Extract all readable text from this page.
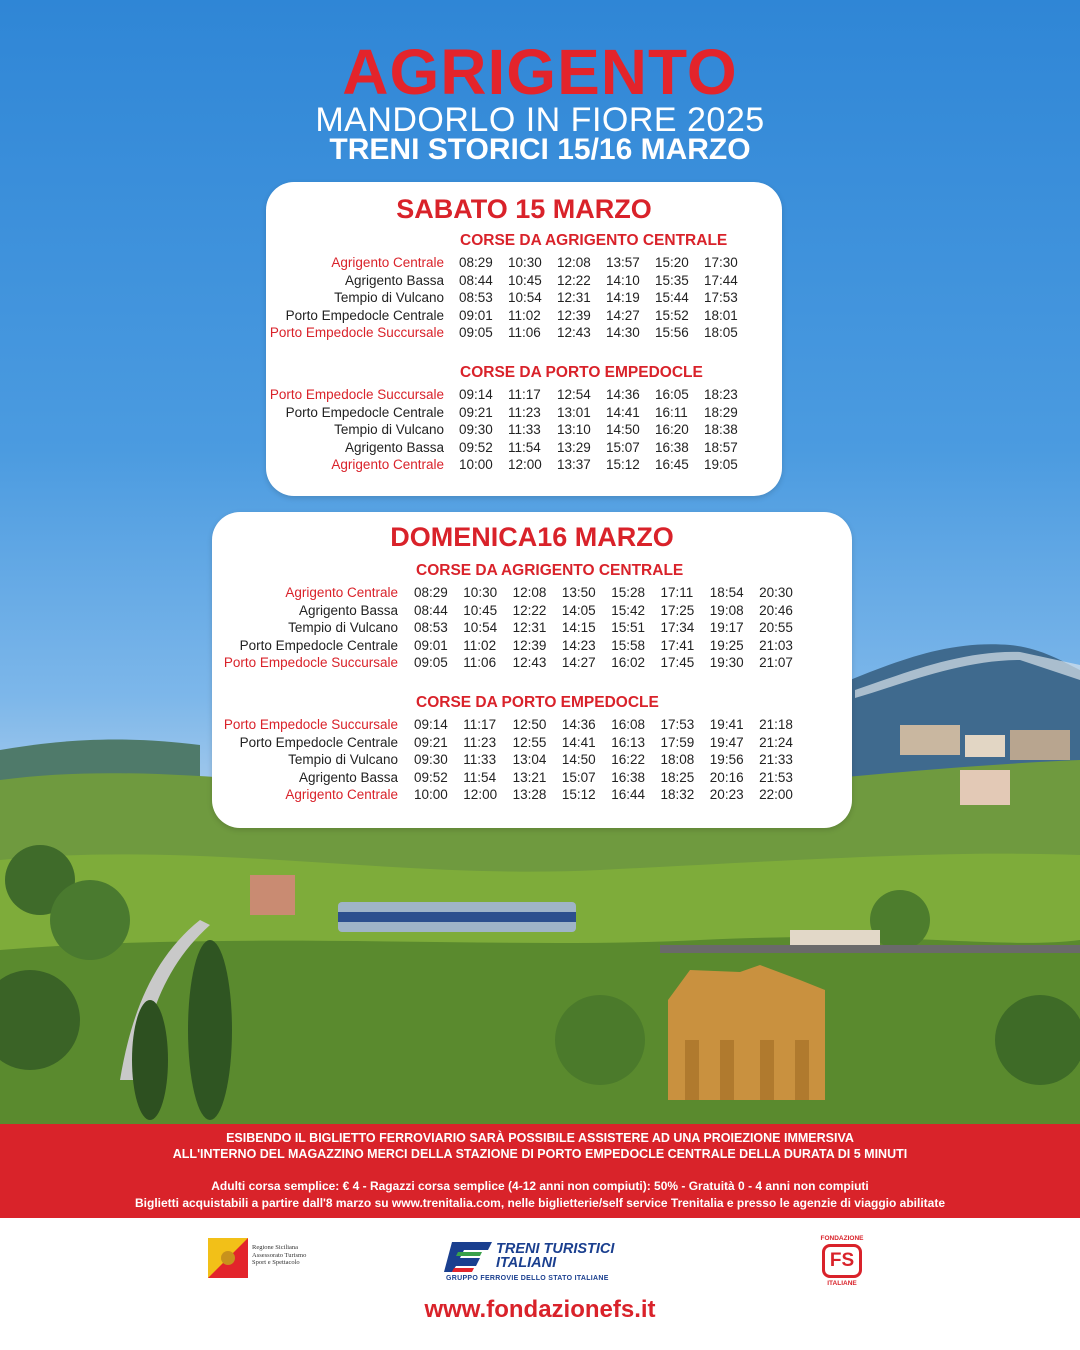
AGRIGENTO
MANDORLO IN FIORE 2025
TRENI STORICI 15/16 MARZO
SABATO 15 MARZO
CORSE DA AGRIGENTO CENTRALE
Agrigento Centrale 08:29 10:30 12:08 13:57 15:20 17:30
Agrigento Bassa 08:44 10:45 12:22 14:10 15:35 17:44
Tempio di Vulcano 08:53 10:54 12:31 14:19 15:44 17:53
Porto Empedocle Centrale 09:01 11:02 12:39 14:27 15:52 18:01
Porto Empedocle Succursale 09:05 11:06 12:43 14:30 15:56 18:05
CORSE DA PORTO EMPEDOCLE
Porto Empedocle Succursale 09:14 11:17 12:54 14:36 16:05 18:23
Porto Empedocle Centrale 09:21 11:23 13:01 14:41 16:11 18:29
Tempio di Vulcano 09:30 11:33 13:10 14:50 16:20 18:38
Agrigento Bassa 09:52 11:54 13:29 15:07 16:38 18:57
Agrigento Centrale 10:00 12:00 13:37 15:12 16:45 19:05
DOMENICA16 MARZO
CORSE DA AGRIGENTO CENTRALE
Agrigento Centrale 08:29 10:30 12:08 13:50 15:28 17:11 18:54 20:30
Agrigento Bassa 08:44 10:45 12:22 14:05 15:42 17:25 19:08 20:46
Tempio di Vulcano 08:53 10:54 12:31 14:15 15:51 17:34 19:17 20:55
Porto Empedocle Centrale 09:01 11:02 12:39 14:23 15:58 17:41 19:25 21:03
Porto Empedocle Succursale 09:05 11:06 12:43 14:27 16:02 17:45 19:30 21:07
CORSE DA PORTO EMPEDOCLE
Porto Empedocle Succursale 09:14 11:17 12:50 14:36 16:08 17:53 19:41 21:18
Porto Empedocle Centrale 09:21 11:23 12:55 14:41 16:13 17:59 19:47 21:24
Tempio di Vulcano 09:30 11:33 13:04 14:50 16:22 18:08 19:56 21:33
Agrigento Bassa 09:52 11:54 13:21 15:07 16:38 18:25 20:16 21:53
Agrigento Centrale 10:00 12:00 13:28 15:12 16:44 18:32 20:23 22:00
ESIBENDO IL BIGLIETTO FERROVIARIO SARÀ POSSIBILE ASSISTERE AD UNA PROIEZIONE IMMERSIVA
ALL'INTERNO DEL MAGAZZINO MERCI DELLA STAZIONE DI PORTO EMPEDOCLE CENTRALE DELLA DURATA DI 5 MINUTI
Adulti corsa semplice: € 4 - Ragazzi corsa semplice (4-12 anni non compiuti): 50% - Gratuità 0 - 4 anni non compiuti
Biglietti acquistabili a partire dall'8 marzo su www.trenitalia.com, nelle biglietterie/self service Trenitalia e presso le agenzie di viaggio abilitate
Regione Siciliana
Assessorato Turismo
Sport e Spettacolo
TRENI TURISTICI
ITALIANI
GRUPPO FERROVIE DELLO STATO ITALIANE
FONDAZIONE
FS
ITALIANE
www.fondazionefs.it
